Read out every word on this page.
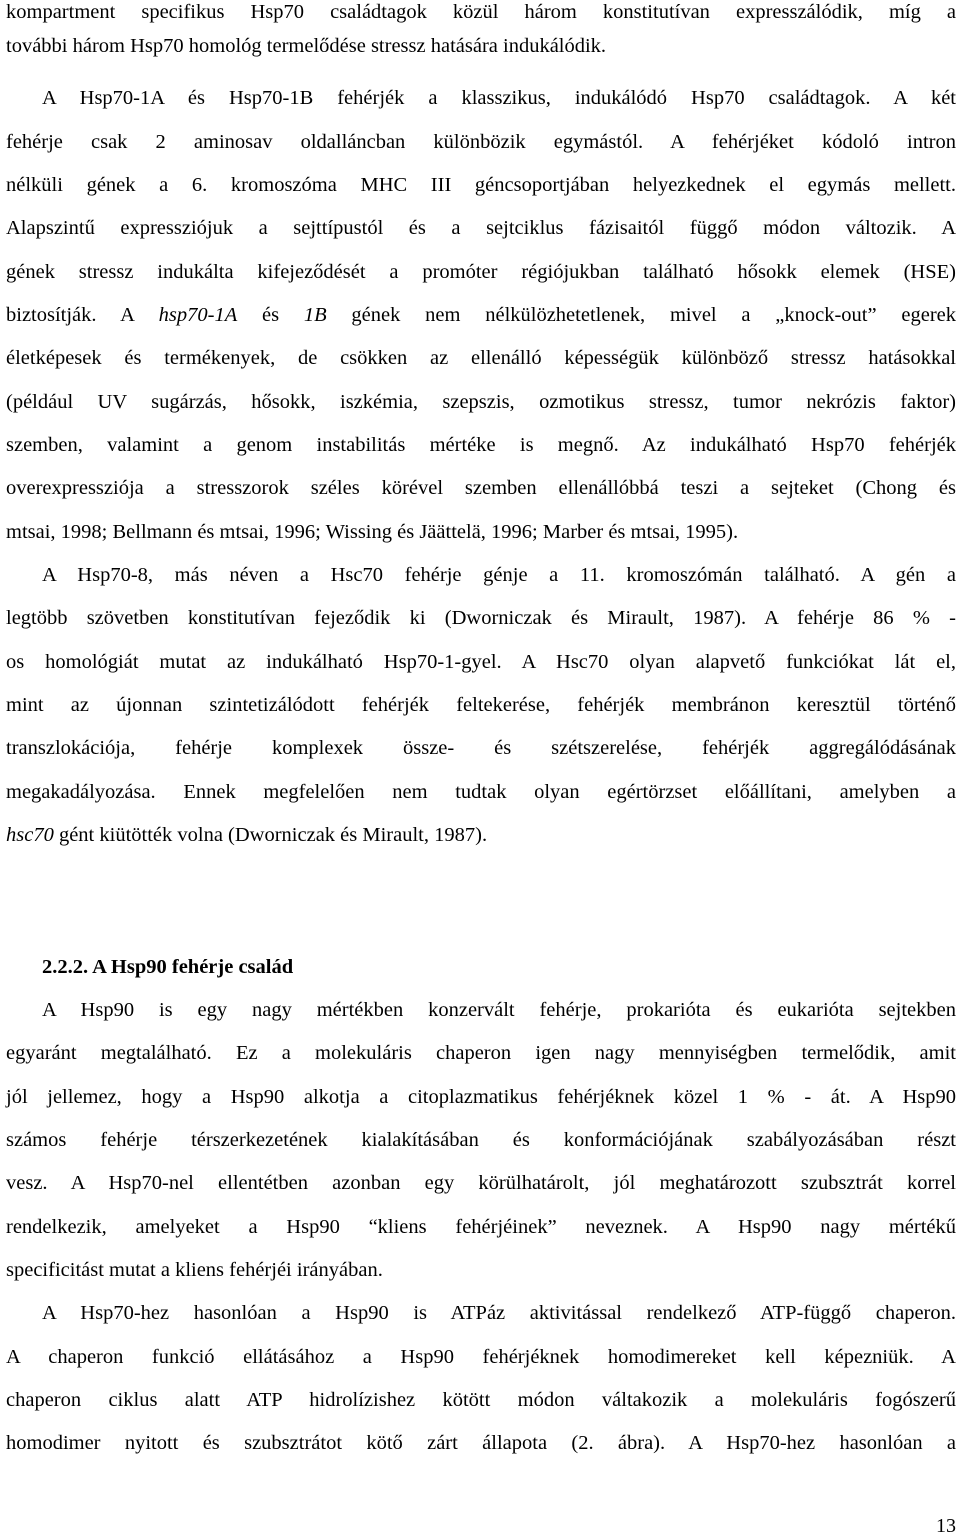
kompartment specifikus Hsp70 családtagok közül három konstitutívan expresszálódik, míg a
további három Hsp70 homológ termelődése stressz hatására indukálódik.
A Hsp70-1A és Hsp70-1B fehérjék a klasszikus, indukálódó Hsp70 családtagok. A két
fehérje csak 2 aminosav oldalláncban különbözik egymástól. A fehérjéket kódoló intron
nélküli gének a 6. kromoszóma MHC III géncsoportjában helyezkednek el egymás mellett.
Alapszintű expressziójuk a sejttípustól és a sejtciklus fázisaitól függő módon változik. A
gének stressz indukálta kifejeződését a promóter régiójukban található hősokk elemek (HSE)
biztosítják. A hsp70-1A és 1B gének nem nélkülözhetetlenek, mivel a „knock-out” egerek
életképesek és termékenyek, de csökken az ellenálló képességük különböző stressz hatásokkal
(például UV sugárzás, hősokk, iszkémia, szepszis, ozmotikus stressz, tumor nekrózis faktor)
szemben, valamint a genom instabilitás mértéke is megnő. Az indukálható Hsp70 fehérjék
overexpressziója a stresszorok széles körével szemben ellenállóbbá teszi a sejteket (Chong és
mtsai, 1998; Bellmann és mtsai, 1996; Wissing és Jäättelä, 1996; Marber és mtsai, 1995).
A Hsp70-8, más néven a Hsc70 fehérje génje a 11. kromoszómán található. A gén a
legtöbb szövetben konstitutívan fejeződik ki (Dworniczak és Mirault, 1987). A fehérje 86 % -
os homológiát mutat az indukálható Hsp70-1-gyel. A Hsc70 olyan alapvető funkciókat lát el,
mint az újonnan szintetizálódott fehérjék feltekerése, fehérjék membránon keresztül történő
transzlokációja, fehérje komplexek össze- és szétszerelése, fehérjék aggregálódásának
megakadályozása. Ennek megfelelően nem tudtak olyan egértörzset előállítani, amelyben a
hsc70 gént kiütötték volna (Dworniczak és Mirault, 1987).
2.2.2. A Hsp90 fehérje család
A Hsp90 is egy nagy mértékben konzervált fehérje, prokarióta és eukarióta sejtekben
egyaránt megtalálható. Ez a molekuláris chaperon igen nagy mennyiségben termelődik, amit
jól jellemez, hogy a Hsp90 alkotja a citoplazmatikus fehérjéknek közel 1 % - át. A Hsp90
számos fehérje térszerkezetének kialakításában és konformációjának szabályozásában részt
vesz. A Hsp70-nel ellentétben azonban egy körülhatárolt, jól meghatározott szubsztrát korrel
rendelkezik, amelyeket a Hsp90 “kliens fehérjéinek” neveznek. A Hsp90 nagy mértékű
specificitást mutat a kliens fehérjéi irányában.
A Hsp70-hez hasonlóan a Hsp90 is ATPáz aktivitással rendelkező ATP-függő chaperon.
A chaperon funkció ellátásához a Hsp90 fehérjéknek homodimereket kell képezniük. A
chaperon ciklus alatt ATP hidrolízishez kötött módon váltakozik a molekuláris fogószerű
homodimer nyitott és szubsztrátot kötő zárt állapota (2. ábra). A Hsp70-hez hasonlóan a
13
